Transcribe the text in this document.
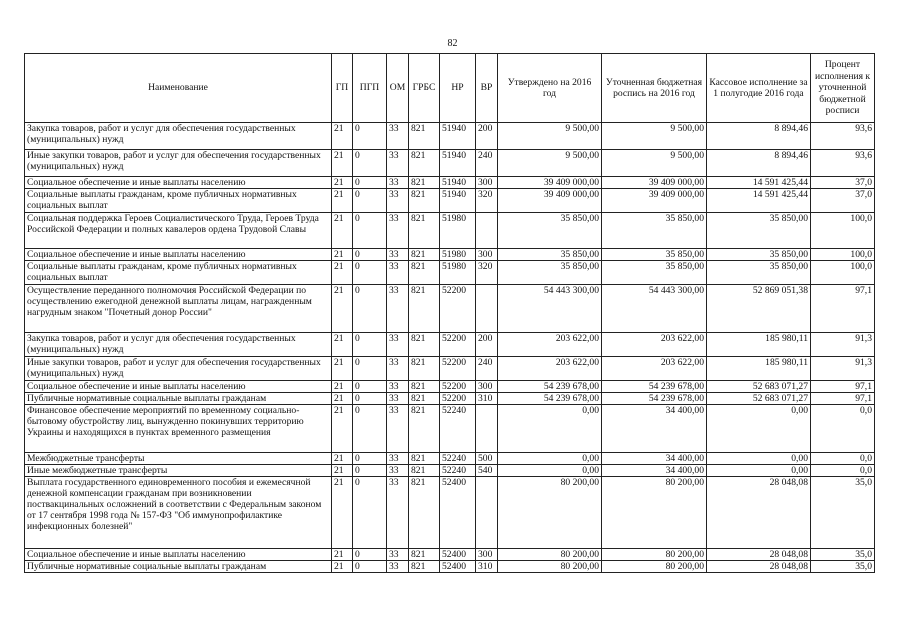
82
Наименование	ГП	ПГП	ОМ	ГРБС	НР	ВР	Утверждено на 2016 год	Уточненная бюджетная роспись на 2016 год	Кассовое исполнение за 1 полугодие 2016 года	Процент исполнения к уточненной бюджетной росписи
Закупка товаров, работ и услуг для обеспечения государственных (муниципальных) нужд	21	0	33	821	51940	200	9 500,00	9 500,00	8 894,46	93,6
Иные закупки товаров, работ и услуг для обеспечения государственных (муниципальных) нужд	21	0	33	821	51940	240	9 500,00	9 500,00	8 894,46	93,6
Социальное обеспечение и иные выплаты населению	21	0	33	821	51940	300	39 409 000,00	39 409 000,00	14 591 425,44	37,0
Социальные выплаты гражданам, кроме публичных нормативных социальных выплат	21	0	33	821	51940	320	39 409 000,00	39 409 000,00	14 591 425,44	37,0
Социальная поддержка Героев Социалистического Труда, Героев Труда Российской Федерации и полных кавалеров ордена Трудовой Славы	21	0	33	821	51980		35 850,00	35 850,00	35 850,00	100,0
Социальное обеспечение и иные выплаты населению	21	0	33	821	51980	300	35 850,00	35 850,00	35 850,00	100,0
Социальные выплаты гражданам, кроме публичных нормативных социальных выплат	21	0	33	821	51980	320	35 850,00	35 850,00	35 850,00	100,0
Осуществление переданного полномочия Российской Федерации по осуществлению ежегодной денежной выплаты лицам, награжденным нагрудным знаком "Почетный донор России"	21	0	33	821	52200		54 443 300,00	54 443 300,00	52 869 051,38	97,1
Закупка товаров, работ и услуг для обеспечения государственных (муниципальных) нужд	21	0	33	821	52200	200	203 622,00	203 622,00	185 980,11	91,3
Иные закупки товаров, работ и услуг для обеспечения государственных (муниципальных) нужд	21	0	33	821	52200	240	203 622,00	203 622,00	185 980,11	91,3
Социальное обеспечение и иные выплаты населению	21	0	33	821	52200	300	54 239 678,00	54 239 678,00	52 683 071,27	97,1
Публичные нормативные социальные выплаты гражданам	21	0	33	821	52200	310	54 239 678,00	54 239 678,00	52 683 071,27	97,1
Финансовое обеспечение мероприятий по временному социально-бытовому обустройству лиц, вынужденно покинувших территорию Украины и находящихся в пунктах временного размещения	21	0	33	821	52240		0,00	34 400,00	0,00	0,0
Межбюджетные трансферты	21	0	33	821	52240	500	0,00	34 400,00	0,00	0,0
Иные межбюджетные трансферты	21	0	33	821	52240	540	0,00	34 400,00	0,00	0,0
Выплата государственного единовременного пособия и ежемесячной денежной компенсации гражданам при возникновении поствакцинальных осложнений в соответствии с Федеральным законом от 17 сентября 1998 года № 157-ФЗ "Об иммунопрофилактике инфекционных болезней"	21	0	33	821	52400		80 200,00	80 200,00	28 048,08	35,0
Социальное обеспечение и иные выплаты населению	21	0	33	821	52400	300	80 200,00	80 200,00	28 048,08	35,0
Публичные нормативные социальные выплаты гражданам	21	0	33	821	52400	310	80 200,00	80 200,00	28 048,08	35,0
